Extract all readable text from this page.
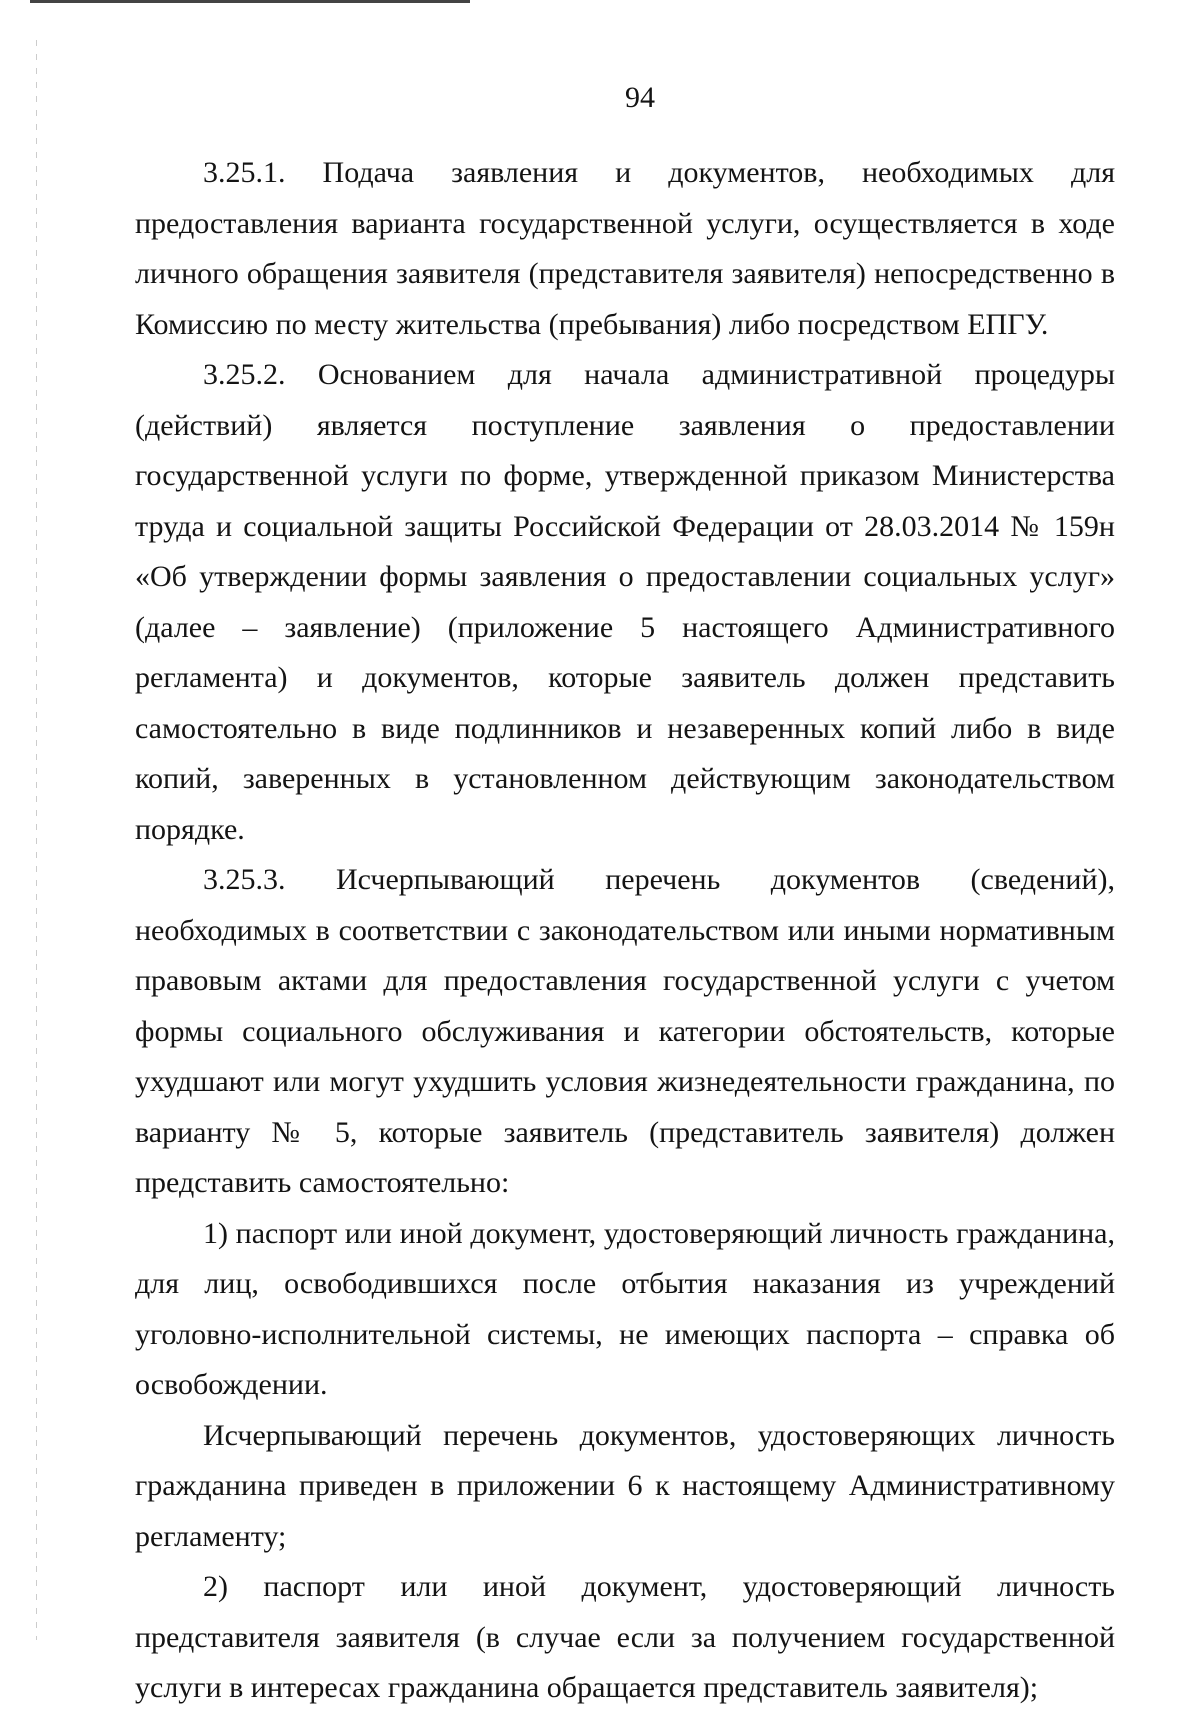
94

3.25.1. Подача заявления и документов, необходимых для предоставления варианта государственной услуги, осуществляется в ходе личного обращения заявителя (представителя заявителя) непосредственно в Комиссию по месту жительства (пребывания) либо посредством ЕПГУ.

3.25.2. Основанием для начала административной процедуры (действий) является поступление заявления о предоставлении государственной услуги по форме, утвержденной приказом Министерства труда и социальной защиты Российской Федерации от 28.03.2014 № 159н «Об утверждении формы заявления о предоставлении социальных услуг» (далее – заявление) (приложение 5 настоящего Административного регламента) и документов, которые заявитель должен представить самостоятельно в виде подлинников и незаверенных копий либо в виде копий, заверенных в установленном действующим законодательством порядке.

3.25.3. Исчерпывающий перечень документов (сведений), необходимых в соответствии с законодательством или иными нормативным правовым актами для предоставления государственной услуги с учетом формы социального обслуживания и категории обстоятельств, которые ухудшают или могут ухудшить условия жизнедеятельности гражданина, по варианту № 5, которые заявитель (представитель заявителя) должен представить самостоятельно:

1) паспорт или иной документ, удостоверяющий личность гражданина, для лиц, освободившихся после отбытия наказания из учреждений уголовно-исполнительной системы, не имеющих паспорта – справка об освобождении.

Исчерпывающий перечень документов, удостоверяющих личность гражданина приведен в приложении 6 к настоящему Административному регламенту;

2) паспорт или иной документ, удостоверяющий личность представителя заявителя (в случае если за получением государственной услуги в интересах гражданина обращается представитель заявителя);
